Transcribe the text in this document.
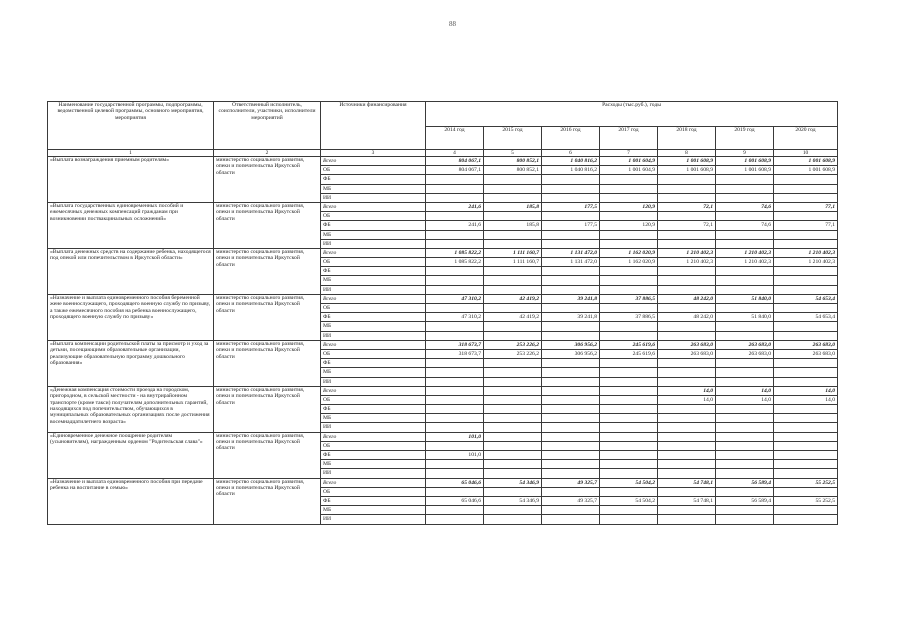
88
Наименование государственной программы, подпрограммы, ведомственной целевой программы, основного мероприятия, мероприятия	Ответственный исполнитель, соисполнители, участники, исполнители мероприятий	Источники финансирования	Расходы (тыс.руб.), годы						
			2014 год	2015 год	2016 год	2017 год	2018 год	2019 год	2020 год
1	2	3	4	5	6	7	8	9	10
«Выплата вознаграждения приемным родителям»	министерство социального развития, опеки и попечительства Иркутской области	Всего	804 067,1	800 852,1	1 040 816,2	1 001 604,9	1 001 608,9	1 001 608,9	1 001 608,9
		ОБ	804 067,1	800 852,1	1 040 816,2	1 001 604,9	1 001 608,9	1 001 608,9	1 001 608,9
		ФБ							
		МБ							
		ИИ							
«Выплата государственных единовременных пособий и ежемесячных денежных компенсаций гражданам при возникновении поствакцинальных осложнений»	министерство социального развития, опеки и попечительства Иркутской области	Всего	241,6	185,8	177,5	120,9	72,1	74,6	77,1
		ОБ							
		ФБ	241,6	185,8	177,5	120,9	72,1	74,6	77,1
		МБ							
		ИИ							
«Выплата денежных средств на содержание ребенка, находящегося под опекой или попечительством в Иркутской области»	министерство социального развития, опеки и попечительства Иркутской области	Всего	1 085 822,2	1 111 160,7	1 131 472,0	1 162 020,9	1 210 402,3	1 210 402,3	1 210 402,3
		ОБ	1 085 822,2	1 111 160,7	1 131 472,0	1 162 020,9	1 210 402,3	1 210 402,3	1 210 402,3
		ФБ							
		МБ							
		ИИ							
«Назначение и выплата единовременного пособия беременной жене военнослужащего, проходящего военную службу по призыву, а также ежемесячного пособия на ребенка военнослужащего, проходящего военную службу по призыву»	министерство социального развития, опеки и попечительства Иркутской области	Всего	47 310,2	42 419,2	39 241,8	37 886,5	48 242,0	51 840,0	54 653,4
		ОБ							
		ФБ	47 310,2	42 419,2	39 241,8	37 886,5	48 242,0	51 840,0	54 653,4
		МБ							
		ИИ							
«Выплата компенсации родительской платы за присмотр и уход за детьми, посещающими образовательные организации, реализующие образовательную программу дошкольного образования»	министерство социального развития, опеки и попечительства Иркутской области	Всего	318 673,7	253 226,2	306 956,2	245 619,6	263 683,0	263 683,0	263 683,0
		ОБ	318 673,7	253 226,2	306 956,2	245 619,6	263 683,0	263 683,0	263 683,0
		ФБ							
		МБ							
		ИИ							
«Денежная компенсация стоимости проезда на городском, пригородном, в сельской местности - на внутрирайонном транспорте (кроме такси) получателям дополнительных гарантий, находящихся под попечительством, обучающихся в муниципальных образовательных организациях после достижения восемнадцатилетнего возраста»	министерство социального развития, опеки и попечительства Иркутской области	Всего					14,0	14,0	14,0
		ОБ					14,0	14,0	14,0
		ФБ							
		МБ							
		ИИ							
«Единовременное денежное поощрение родителям (усыновителям), награжденным орденом "Родительская слава"»	министерство социального развития, опеки и попечительства Иркутской области	Всего	101,0						
		ОБ							
		ФБ	101,0						
		МБ							
		ИИ							
«Назначение и выплата единовременного пособия при передаче ребенка на воспитание в семью»	министерство социального развития, опеки и попечительства Иркутской области	Всего	65 046,6	54 346,9	49 325,7	54 504,2	54 748,1	56 589,4	55 252,5
		ОБ							
		ФБ	65 046,6	54 346,9	49 325,7	54 504,2	54 748,1	56 589,4	55 252,5
		МБ							
		ИИ							
